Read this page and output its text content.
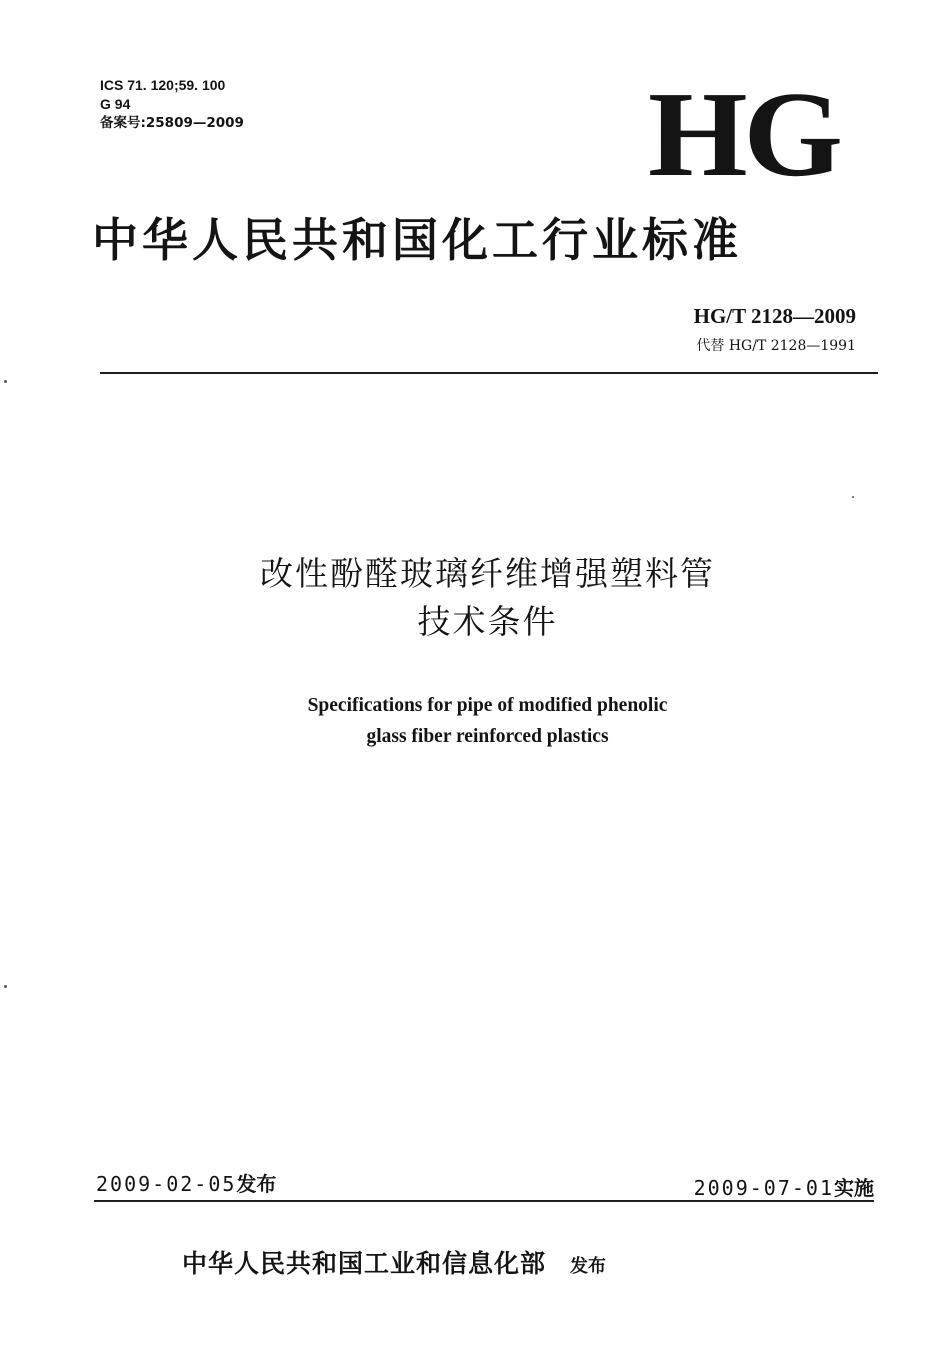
ICS 71. 120;59. 100
G 94
备案号:25809—2009	HG
中华人民共和国化工行业标准
HG/T 2128—2009
代替 HG/T 2128—1991
改性酚醛玻璃纤维增强塑料管
技术条件
Specifications for pipe of modified phenolic
glass fiber reinforced plastics
2009-02-05发布	2009-07-01实施
中华人民共和国工业和信息化部 发布
